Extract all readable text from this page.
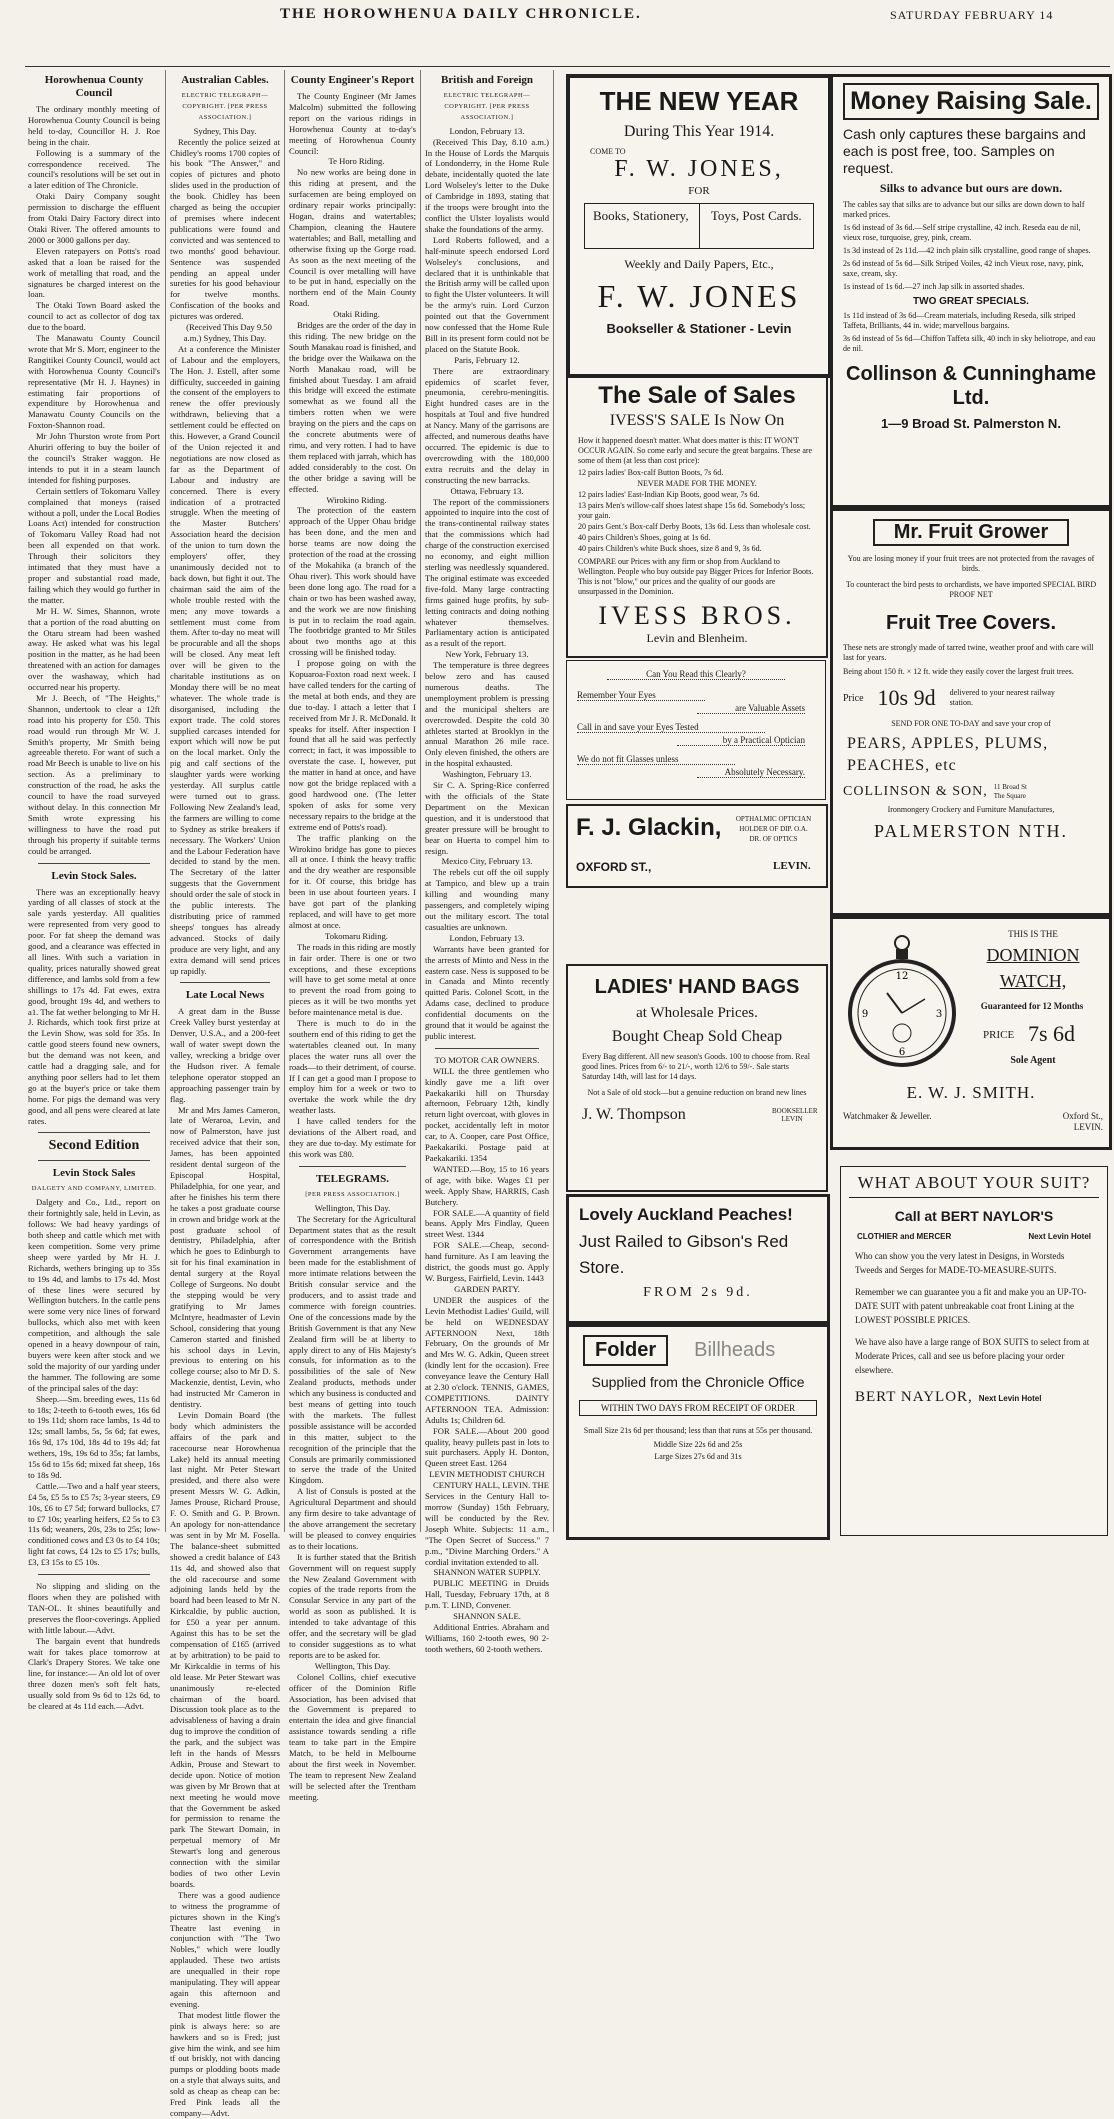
THE HOROWHENUA DAILY CHRONICLE.	SATURDAY FEBRUARY 14
Horowhenua County Council

The ordinary monthly meeting of Horowhenua County Council is being held to-day, Councillor H. J. Roe being in the chair.

Following is a summary of the correspondence received. The council's resolutions will be set out in a later edition of The Chronicle.

Otaki Dairy Company sought permission to discharge the effluent from Otaki Dairy Factory direct into Otaki River. The offered amounts to 2000 or 3000 gallons per day.

Eleven ratepayers on Potts's road asked that a loan be raised for the work of metalling that road, and the signatures be charged interest on the loan.

The Otaki Town Board asked the council to act as collector of dog tax due to the board.

The Manawatu County Council wrote that Mr S. Morr, engineer to the Rangitikei County Council, would act with Horowhenua County Council's representative (Mr H. J. Haynes) in estimating fair proportions of expenditure by Horowhenua and Manawatu County Councils on the Foxton-Shannon road.

Mr John Thurston wrote from Port Ahuriri offering to buy the boiler of the council's Straker waggon. He intends to put it in a steam launch intended for fishing purposes.

Certain settlers of Tokomaru Valley complained that moneys (raised without a poll, under the Local Bodies Loans Act) intended for construction of Tokomaru Valley Road had not been all expended on that work. Through their solicitors they intimated that they must have a proper and substantial road made, failing which they would go further in the matter.

Mr H. W. Simes, Shannon, wrote that a portion of the road abutting on the Otaru stream had been washed away. He asked what was his legal position in the matter, as he had been threatened with an action for damages over the washaway, which had occurred near his property.

Mr J. Beech, of "The Heights," Shannon, undertook to clear a 12ft road into his property for £50. This road would run through Mr W. J. Smith's property, Mr Smith being agreeable thereto. For want of such a road Mr Beech is unable to live on his section. As a preliminary to construction of the road, he asks the council to have the road surveyed without delay. In this connection Mr Smith wrote expressing his willingness to have the road put through his property if suitable terms could be arranged.

Levin Stock Sales.

There was an exceptionally heavy yarding of all classes of stock at the sale yards yesterday. All qualities were represented from very good to poor. For fat sheep the demand was good, and a clearance was effected in all lines. With such a variation in quality, prices naturally showed great difference, and lambs sold from a few shillings to 17s 4d. Fat ewes, extra good, brought 19s 4d, and wethers to a1. The fat wether belonging to Mr H. J. Richards, which took first prize at the Levin Show, was sold for 35s. In cattle good steers found new owners, but the demand was not keen, and cattle had a dragging sale, and for anything poor sellers had to let them go at the buyer's price or take them home. For pigs the demand was very good, and all pens were cleared at late rates.

Second Edition
Levin Stock Sales
DALGETY AND COMPANY, LIMITED.

Dalgety and Co., Ltd., report on their fortnightly sale, held in Levin, as follows: We had heavy yardings of both sheep and cattle which met with keen competition. Some very prime sheep were yarded by Mr H. J. Richards, wethers bringing up to 35s to 19s 4d, and lambs to 17s 4d. Most of these lines were secured by Wellington butchers. In the cattle pens were some very nice lines of forward bullocks, which also met with keen competition, and although the sale opened in a heavy downpour of rain, buyers were keen after stock and we sold the majority of our yarding under the hammer. The following are some of the principal sales of the day:

Sheep.—Sm. breeding ewes, 11s 6d to 18s; 2-teeth to 6-tooth ewes, 16s 6d to 19s 11d; shorn race lambs, 1s 4d to 12s; small lambs, 5s, 5s 6d; fat ewes, 16s 9d, 17s 10d, 18s 4d to 19s 4d; fat wethers, 19s, 19s 6d to 35s; fat lambs, 15s 6d to 15s 6d; mixed fat sheep, 16s to 18s 9d.

Cattle.—Two and a half year steers, £4 5s, £5 5s to £5 7s; 3-year steers, £9 10s, £6 to £7 5d; forward bullocks, £7 to £7 10s; yearling heifers, £2 5s to £3 11s 6d; weaners, 20s, 23s to 25s; low-conditioned cows and £3 0s to £4 10s; light fat cows, £4 12s to £5 17s; bulls, £3, £3 15s to £5 10s.

No slipping and sliding on the floors when they are polished with TAN-OL. It shines beautifully and preserves the floor-coverings. Applied with little labour.—Advt.

The bargain event that hundreds wait for takes place tomorrow at Clark's Drapery Stores. We take one line, for instance:— An old lot of over three dozen men's soft felt hats, usually sold from 9s 6d to 12s 6d, to be cleared at 4s 11d each.—Advt.

Australian Cables.
ELECTRIC TELEGRAPH—COPYRIGHT. [PER PRESS ASSOCIATION.]
Sydney, This Day.

Recently the police seized at Chidley's rooms 1700 copies of his book "The Answer," and copies of pictures and photo slides used in the production of the book. Chidley has been charged as being the occupier of premises where indecent publications were found and convicted and was sentenced to two months' good behaviour. Sentence was suspended pending an appeal under sureties for his good behaviour for twelve months. Confiscation of the books and pictures was ordered.

(Received This Day 9.50 a.m.) Sydney, This Day.

At a conference the Minister of Labour and the employers, The Hon. J. Estell, after some difficulty, succeeded in gaining the consent of the employers to renew the offer previously withdrawn, believing that a settlement could be effected on this. However, a Grand Council of the Union rejected it and negotiations are now closed as far as the Department of Labour and industry are concerned. There is every indication of a protracted struggle. When the meeting of the Master Butchers' Association heard the decision of the union to turn down the employers' offer, they unanimously decided not to back down, but fight it out. The chairman said the aim of the whole trouble rested with the men; any move towards a settlement must come from them. After to-day no meat will be procurable and all the shops will be closed. Any meat left over will be given to the charitable institutions as on Monday there will be no meat whatever. The whole trade is disorganised, including the export trade. The cold stores supplied carcases intended for export which will now be put on the local market. Only the pig and calf sections of the slaughter yards were working yesterday. All surplus cattle were turned out to grass. Following New Zealand's lead, the farmers are willing to come to Sydney as strike breakers if necessary. The Workers' Union and the Labour Federation have decided to stand by the men. The Secretary of the latter suggests that the Government should order the sale of stock in the public interests. The distributing price of rammed sheeps' tongues has already advanced. Stocks of daily produce are very light, and any extra demand will send prices up rapidly.

Late Local News

A great dam in the Busse Creek Valley burst yesterday at Denver, U.S.A., and a 200-feet wall of water swept down the valley, wrecking a bridge over the Hudson river. A female telephone operator stopped an approaching passenger train by flag.

Mr and Mrs James Cameron, late of Weraroa, Levin, and now of Palmerston, have just received advice that their son, James, has been appointed resident dental surgeon of the Episcopal Hospital, Philadelphia, for one year, and after he finishes his term there he takes a post graduate course in crown and bridge work at the post graduate school of dentistry, Philadelphia, after which he goes to Edinburgh to sit for his final examination in dental surgery at the Royal College of Surgeons. No doubt the stepping would be very gratifying to Mr James McIntyre, headmaster of Levin School, considering that young Cameron started and finished his school days in Levin, previous to entering on his college course; also to Mr D. S. Mackenzie, dentist, Levin, who had instructed Mr Cameron in dentistry.

Levin Domain Board (the body which administers the affairs of the park and racecourse near Horowhenua Lake) held its annual meeting last night. Mr Peter Stewart presided, and there also were present Messrs W. G. Adkin, James Prouse, Richard Prouse, F. O. Smith and G. P. Brown. An apology for non-attendance was sent in by Mr M. Fosella. The balance-sheet submitted showed a credit balance of £43 11s 4d, and showed also that the old racecourse and some adjoining lands held by the board had been leased to Mr N. Kirkcaldie, by public auction, for £50 a year per annum. Against this has to be set the compensation of £165 (arrived at by arbitration) to be paid to Mr Kirkcaldie in terms of his old lease. Mr Peter Stewart was unanimously re-elected chairman of the board. Discussion took place as to the advisableness of having a drain dug to improve the condition of the park, and the subject was left in the hands of Messrs Adkin, Prouse and Stewart to decide upon. Notice of motion was given by Mr Brown that at next meeting he would move that the Government be asked for permission to rename the park The Stewart Domain, in perpetual memory of Mr Stewart's long and generous connection with the similar bodies of two other Levin boards.

There was a good audience to witness the programme of pictures shown in the King's Theatre last evening in conjunction with "The Two Nobles," which were loudly applauded. These two artists are unequalled in their rope manipulating. They will appear again this afternoon and evening.

That modest little flower the pink is always here: so are hawkers and so is Fred; just give him the wink, and see him tf out briskly, not with dancing pumps or plodding boots made on a style that always suits, and sold as cheap as cheap can be: Fred Pink leads all the company—Advt.

County Engineer's Report

The County Engineer (Mr James Malcolm) submitted the following report on the various ridings in Horowhenua County at to-day's meeting of Horowhenua County Council:

Te Horo Riding.

No new works are being done in this riding at present, and the surfacemen are being employed on ordinary repair works principally: Hogan, drains and watertables; Champion, cleaning the Hautere watertables; and Ball, metalling and otherwise fixing up the Gorge road. As soon as the next meeting of the Council is over metalling will have to be put in hand, especially on the northern end of the Main County Road.

Otaki Riding.

Bridges are the order of the day in this riding. The new bridge on the South Manakau road is finished, and the bridge over the Waikawa on the North Manakau road, will be finished about Tuesday. I am afraid this bridge will exceed the estimate somewhat as we found all the timbers rotten when we were braying on the piers and the caps on the concrete abutments were of rimu, and very rotten. I had to have them replaced with jarrah, which has added considerably to the cost. On the other bridge a saving will be effected.

Wirokino Riding.

The protection of the eastern approach of the Upper Ohau bridge has been done, and the men and horse teams are now doing the protection of the road at the crossing of the Mokahika (a branch of the Ohau river). This work should have been done long ago. The road for a chain or two has been washed away, and the work we are now finishing is put in to reclaim the road again. The footbridge granted to Mr Stiles about two months ago at this crossing will be finished today.

I propose going on with the Kopuaroa-Foxton road next week. I have called tenders for the carting of the metal at both ends, and they are due to-day. I attach a letter that I received from Mr J. R. McDonald. It speaks for itself. After inspection I found that all he said was perfectly correct; in fact, it was impossible to overstate the case. I, however, put the matter in hand at once, and have now got the bridge replaced with a good hardwood one. (The letter spoken of asks for some very necessary repairs to the bridge at the extreme end of Potts's road).

The traffic planking on the Wirokino bridge has gone to pieces all at once. I think the heavy traffic and the dry weather are responsible for it. Of course, this bridge has been in use about fourteen years. I have got part of the planking replaced, and will have to get more almost at once.

Tokomaru Riding.

The roads in this riding are mostly in fair order. There is one or two exceptions, and these exceptions will have to get some metal at once to prevent the road from going to pieces as it will be two months yet before maintenance metal is due.

There is much to do in the southern end of this riding to get the watertables cleaned out. In many places the water runs all over the roads—to their detriment, of course. If I can get a good man I propose to employ him for a week or two to overtake the work while the dry weather lasts.

I have called tenders for the deviations of the Albert road, and they are due to-day. My estimate for this work was £80.

TELEGRAMS.
[PER PRESS ASSOCIATION.]
Wellington, This Day.

The Secretary for the Agricultural Department states that as the result of correspondence with the British Government arrangements have been made for the establishment of more intimate relations between the British consular service and the producers, and to assist trade and commerce with foreign countries. One of the concessions made by the British Government is that any New Zealand firm will be at liberty to apply direct to any of His Majesty's consuls, for information as to the possibilities of the sale of New Zealand products, methods under which any business is conducted and best means of getting into touch with the markets. The fullest possible assistance will be accorded in this matter, subject to the recognition of the principle that the Consuls are primarily commissioned to serve the trade of the United Kingdom.

A list of Consuls is posted at the Agricultural Department and should any firm desire to take advantage of the above arrangement the secretary will be pleased to convey enquiries as to their locations.

It is further stated that the British Government will on request supply the New Zealand Government with copies of the trade reports from the Consular Service in any part of the world as soon as published. It is intended to take advantage of this offer, and the secretary will be glad to consider suggestions as to what reports are to be asked for.

Wellington, This Day.

Colonel Collins, chief executive officer of the Dominion Rifle Association, has been advised that the Government is prepared to entertain the idea and give financial assistance towards sending a rifle team to take part in the Empire Match, to be held in Melbourne about the first week in November. The team to represent New Zealand will be selected after the Trentham meeting.

British and Foreign
ELECTRIC TELEGRAPH—COPYRIGHT. [PER PRESS ASSOCIATION.]
London, February 13.

(Received This Day, 8.10 a.m.) In the House of Lords the Marquis of Londonderry, in the Home Rule debate, incidentally quoted the late Lord Wolseley's letter to the Duke of Cambridge in 1893, stating that if the troops were brought into the conflict the Ulster loyalists would shake the foundations of the army.

Lord Roberts followed, and a half-minute speech endorsed Lord Wolseley's conclusions, and declared that it is unthinkable that the British army will be called upon to fight the Ulster volunteers. It will be the army's ruin. Lord Curzon pointed out that the Government now confessed that the Home Rule Bill in its present form could not be placed on the Statute Book.

Paris, February 12.

There are extraordinary epidemics of scarlet fever, pneumonia, cerebro-meningitis. Eight hundred cases are in the hospitals at Toul and five hundred at Nancy. Many of the garrisons are affected, and numerous deaths have occurred. The epidemic is due to overcrowding with the 180,000 extra recruits and the delay in constructing the new barracks.

Ottawa, February 13.

The report of the commissioners appointed to inquire into the cost of the trans-continental railway states that the commissions which had charge of the construction exercised no economy, and eight million sterling was needlessly squandered. The original estimate was exceeded five-fold. Many large contracting firms gained huge profits, by sub-letting contracts and doing nothing whatever themselves. Parliamentary action is anticipated as a result of the report.

New York, February 13.

The temperature is three degrees below zero and has caused numerous deaths. The unemployment problem is pressing and the municipal shelters are overcrowded. Despite the cold 30 athletes started at Brooklyn in the annual Marathon 26 mile race. Only eleven finished, the others are in the hospital exhausted.

Washington, February 13.

Sir C. A. Spring-Rice conferred with the officials of the State Department on the Mexican question, and it is understood that greater pressure will be brought to bear on Huerta to compel him to resign.

Mexico City, February 13.

The rebels cut off the oil supply at Tampico, and blew up a train killing and wounding many passengers, and completely wiping out the military escort. The total casualties are unknown.

London, February 13.

Warrants have been granted for the arrests of Minto and Ness in the eastern case. Ness is supposed to be in Canada and Minto recently quitted Paris. Colonel Scott, in the Adams case, declined to produce confidential documents on the ground that it would be against the public interest.

TO MOTOR CAR OWNERS.

WILL the three gentlemen who kindly gave me a lift over Paekakariki hill on Thursday afternoon, February 12th, kindly return light overcoat, with gloves in pocket, accidentally left in motor car, to A. Cooper, care Post Office, Paekakariki. Postage paid at Paekakariki. 1354

WANTED.—Boy, 15 to 16 years of age, with bike. Wages £1 per week. Apply Shaw, HARRIS, Cash Butchery.

FOR SALE.—A quantity of field beans. Apply Mrs Findlay, Queen street West. 1344

FOR SALE.—Cheap, second-hand furniture. As I am leaving the district, the goods must go. Apply W. Burgess, Fairfield, Levin. 1443

GARDEN PARTY.

UNDER the auspices of the Levin Methodist Ladies' Guild, will be held on WEDNESDAY AFTERNOON Next, 18th February, On the grounds of Mr and Mrs W. G. Adkin, Queen street (kindly lent for the occasion). Free conveyance leave the Century Hall at 2.30 o'clock. TENNIS, GAMES, COMPETITIONS. DAINTY AFTERNOON TEA. Admission: Adults 1s; Children 6d.

FOR SALE.—About 200 good quality, heavy pullets past in lots to suit purchasers. Apply H. Donton, Queen street East. 1264

LEVIN METHODIST CHURCH

CENTURY HALL, LEVIN. THE Services in the Century Hall to-morrow (Sunday) 15th February, will be conducted by the Rev. Joseph White. Subjects: 11 a.m., "The Open Secret of Success." 7 p.m., "Divine Marching Orders." A cordial invitation extended to all.

SHANNON WATER SUPPLY.

PUBLIC MEETING in Druids Hall, Tuesday, February 17th, at 8 p.m. T. LIND, Convener.

SHANNON SALE.

Additional Entries. Abraham and Williams, 160 2-tooth ewes, 90 2-tooth wethers, 60 2-tooth wethers.

THE NEW YEAR
During This Year 1914.
COME TO
F. W. JONES,
FOR
Books, Stationery,	Toys, Post Cards.
Weekly and Daily Papers, Etc.,
F. W. JONES
Bookseller & Stationer - Levin
Money Raising Sale.
Cash only captures these bargains and each is post free, too. Samples on request.
Silks to advance but ours are down.
The cables say that silks are to advance but our silks are down down to half marked prices.
1s 6d instead of 3s 6d.—Self stripe crystalline, 42 inch. Reseda eau de nil, vieux rose, turquoise, grey, pink, cream.
1s 3d instead of 2s 11d.—42 inch plain silk crystalline, good range of shapes.
2s 6d instead of 5s 6d—Silk Striped Voiles, 42 inch Vieux rose, navy, pink, saxe, cream, sky.
1s instead of 1s 6d.—27 inch Jap silk in assorted shades.
TWO GREAT SPECIALS.
1s 11d instead of 3s 6d—Cream materials, including Reseda, silk striped Taffeta, Brilliants, 44 in. wide; marvellous bargains.
3s 6d instead of 5s 6d—Chiffon Taffeta silk, 40 inch in sky heliotrope, and eau de nil.
Collinson & Cunninghame Ltd.
1—9 Broad St. Palmerston N.
The Sale of Sales
IVESS'S SALE Is Now On
How it happened doesn't matter. What does matter is this: IT WON'T OCCUR AGAIN. So come early and secure the great bargains. These are some of them (at less than cost price):
12 pairs ladies' Box-calf Button Boots, 7s 6d.
NEVER MADE FOR THE MONEY.
12 pairs ladies' East-Indian Kip Boots, good wear, 7s 6d.
13 pairs Men's willow-calf shoes latest shape 15s 6d. Somebody's loss; your gain.
20 pairs Gent.'s Box-calf Derby Boots, 13s 6d. Less than wholesale cost.
40 pairs Children's Shoes, going at 1s 6d.
40 pairs Children's white Buck shoes, size 8 and 9, 3s 6d.
COMPARE our Prices with any firm or shop from Auckland to Wellington. People who buy outside pay Bigger Prices for Inferior Boots. This is not "blow," our prices and the quality of our goods are unsurpassed in the Dominion.
IVESS BROS.
Levin and Blenheim.
Can You Read this Clearly?
Remember Your Eyes
are Valuable Assets
Call in and save your Eyes Tested
by a Practical Optician
We do not fit Glasses unless
Absolutely Necessary.
F. J. Glackin,	OPTHALMIC OPTICIAN
HOLDER OF DIP. O.A.
DR. OF OPTICS
OXFORD ST.,	LEVIN.
Mr. Fruit Grower
You are losing money if your fruit trees are not protected from the ravages of birds.
To counteract the bird pests to orchardists, we have imported SPECIAL BIRD PROOF NET
Fruit Tree Covers.
These nets are strongly made of tarred twine, weather proof and with care will last for years.
Being about 150 ft. × 12 ft. wide they easily cover the largest fruit trees.
Price 10s 9d delivered to your nearest railway station.
SEND FOR ONE TO-DAY and save your crop of
PEARS, APPLES, PLUMS, PEACHES, etc
COLLINSON & SON, 11 Broad St
The Square
Ironmongery Crockery and Furniture Manufactures,
PALMERSTON NTH.
LADIES' HAND BAGS
at Wholesale Prices.
Bought Cheap Sold Cheap
Every Bag different. All new season's Goods. 100 to choose from. Real good lines. Prices from 6/- to 21/-, worth 12/6 to 59/-. Sale starts Saturday 14th, will last for 14 days.
Not a Sale of old stock—but a genuine reduction on brand new lines
J. W. Thompson	BOOKSELLER LEVIN
12
3
6
9
THIS IS THE
DOMINION
WATCH,
Guaranteed for 12 Months
PRICE 7s 6d
Sole Agent
E. W. J. SMITH.
Watchmaker & Jeweller.	Oxford St., LEVIN.
Lovely Auckland Peaches!
Just Railed to Gibson's Red Store.
FROM 2s 9d.
Folder	Billheads
Supplied from the Chronicle Office
WITHIN TWO DAYS FROM RECEIPT OF ORDER
Small Size 21s 6d per thousand; less than that runs at 55s per thousand.
Middle Size 22s 6d and 25s
Large Sizes 27s 6d and 31s
WHAT ABOUT YOUR SUIT?
Call at BERT NAYLOR'S
CLOTHIER and MERCER	Next Levin Hotel
Who can show you the very latest in Designs, in Worsteds Tweeds and Serges for MADE-TO-MEASURE-SUITS.
Remember we can guarantee you a fit and make you an UP-TO-DATE SUIT with patent unbreakable coat front Lining at the LOWEST POSSIBLE PRICES.
We have also have a large range of BOX SUITS to select from at Moderate Prices, call and see us before placing your order elsewhere.
BERT NAYLOR, Next Levin Hotel
